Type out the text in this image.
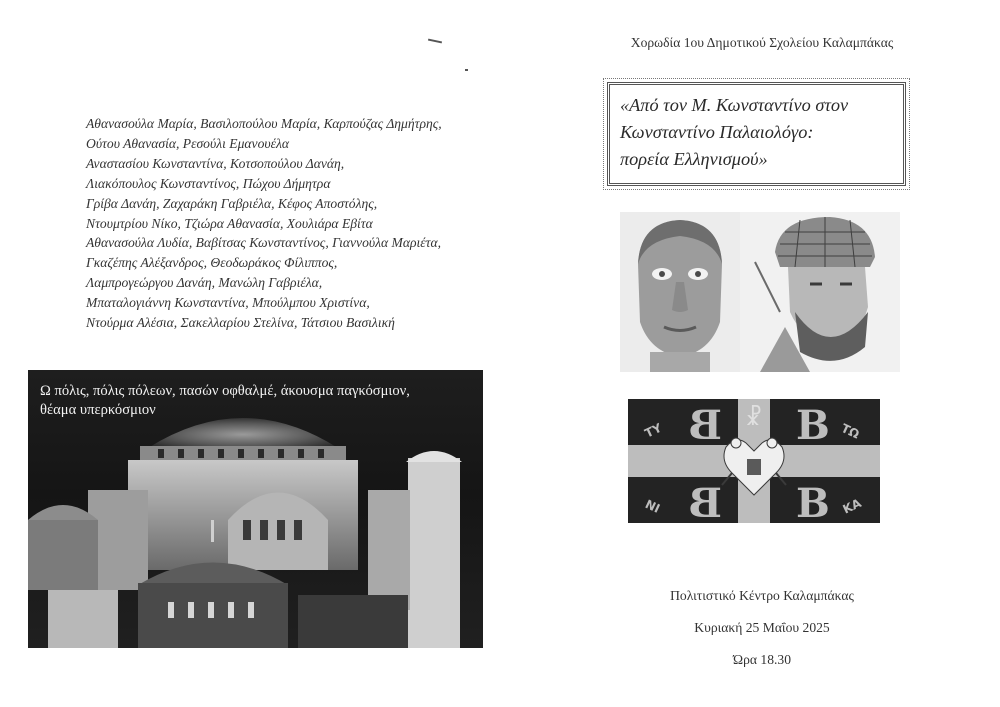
Αθανασούλα Μαρία, Βασιλοπούλου Μαρία, Καρπούζας Δημήτρης,
Ούτου Αθανασία, Ρεσούλι Εμανουέλα
Αναστασίου Κωνσταντίνα, Κοτσοπούλου Δανάη,
Λιακόπουλος Κωνσταντίνος, Πώχου Δήμητρα
Γρίβα Δανάη, Ζαχαράκη Γαβριέλα, Κέφος Αποστόλης,
Ντουμτρίου Νίκο, Τζιώρα Αθανασία, Χουλιάρα Εβίτα
Αθανασούλα Λυδία, Βαβίτσας Κωνσταντίνος, Γιαννούλα Μαριέτα,
Γκαζέπης Αλέξανδρος, Θεοδωράκος Φίλιππος,
Λαμπρογεώργου Δανάη, Μανώλη Γαβριέλα,
Μπαταλογιάννη Κωνσταντίνα, Μπούλμπου Χριστίνα,
Ντούρμα Αλέσια, Σακελλαρίου Στελίνα, Τάτσιου Βασιλική
Ω πόλις, πόλις πόλεων, πασών οφθαλμέ, άκουσμα παγκόσμιον,
θέαμα υπερκόσμιον
Χορωδία 1ου Δημοτικού Σχολείου Καλαμπάκας
«Από τον Μ. Κωνσταντίνο στον
Κωνσταντίνο Παλαιολόγο:
πορεία Ελληνισμού»
B B
B B
ΤΥ	ΤΩ
ΝΙ	ΚΑ
☧
Πολιτιστικό Κέντρο Καλαμπάκας
Κυριακή 25 Μαΐου 2025
Ώρα 18.30
